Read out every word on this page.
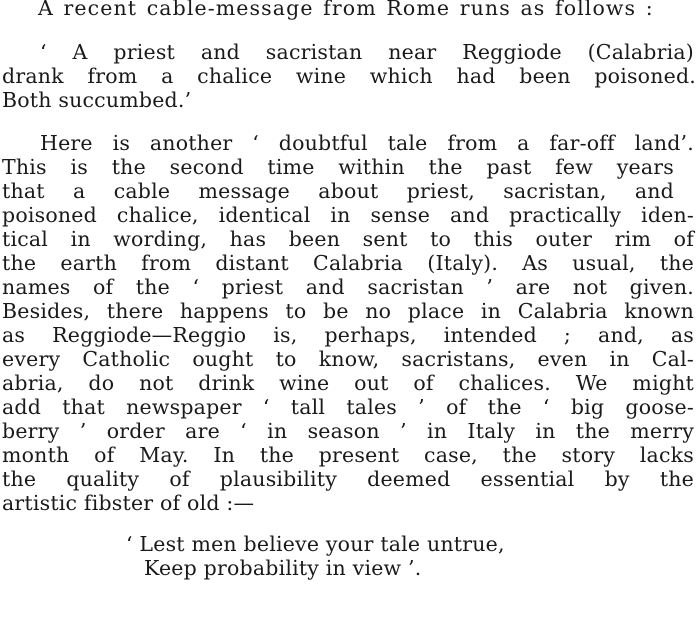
A recent cable-message from Rome runs as follows :
‘ A priest and sacristan near Reggiode (Calabria)
drank from a chalice wine which had been poisoned.
Both succumbed.’
Here is another ‘ doubtful tale from a far-off land’.
This is the second time within the past few years
that a cable message about priest, sacristan, and
poisoned chalice, identical in sense and practically iden-
tical in wording, has been sent to this outer rim of
the earth from distant Calabria (Italy). As usual, the
names of the ‘ priest and sacristan ’ are not given.
Besides, there happens to be no place in Calabria known
as Reggiode—Reggio is, perhaps, intended ; and, as
every Catholic ought to know, sacristans, even in Cal-
abria, do not drink wine out of chalices. We might
add that newspaper ‘ tall tales ’ of the ‘ big goose-
berry ’ order are ‘ in season ’ in Italy in the merry
month of May. In the present case, the story lacks
the quality of plausibility deemed essential by the
artistic fibster of old :—
‘ Lest men believe your tale untrue,
Keep probability in view ’.
